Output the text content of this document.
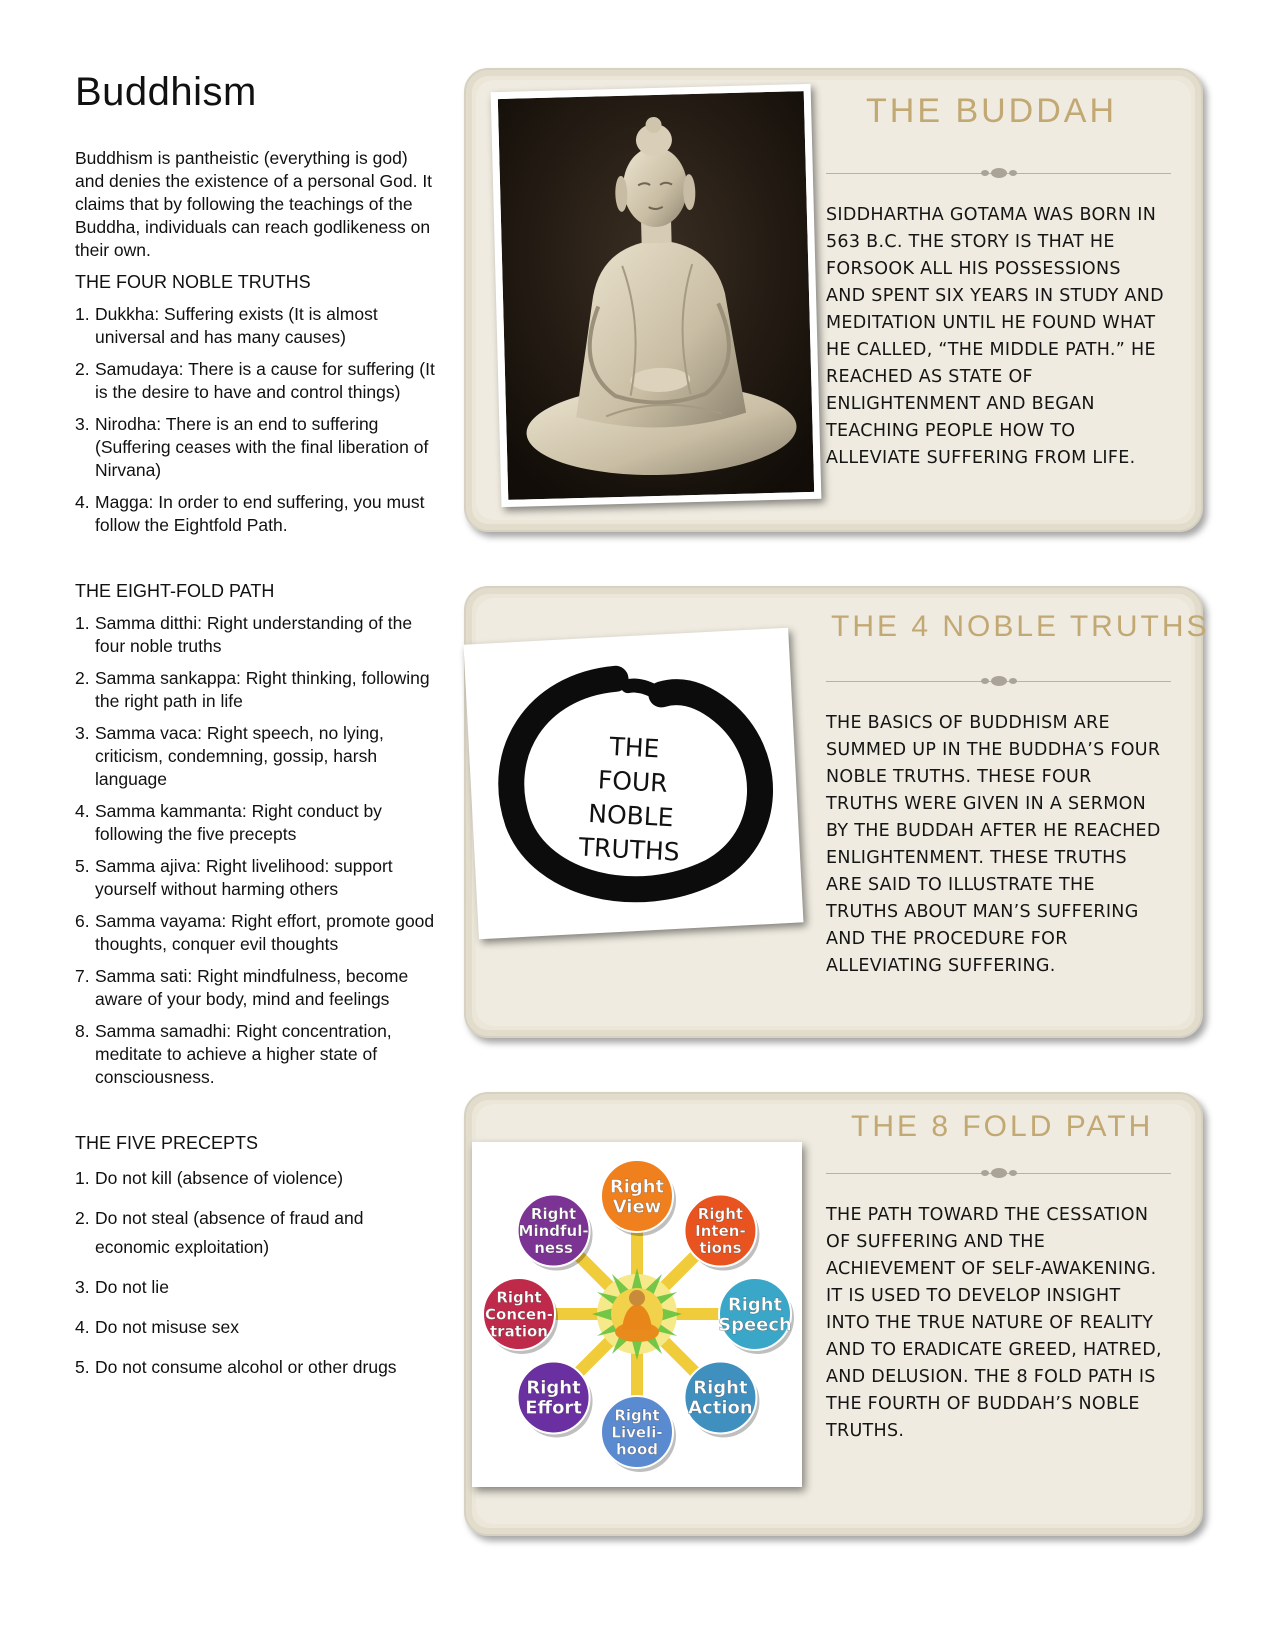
Buddhism

Buddhism is pantheistic (everything is god) and denies the existence of a personal God. It claims that by following the teachings of the Buddha, individuals can reach godlikeness on their own.

THE FOUR NOBLE TRUTHS
1. Dukkha: Suffering exists (It is almost universal and has many causes)
2. Samudaya: There is a cause for suffering (It is the desire to have and control things)
3. Nirodha: There is an end to suffering (Suffering ceases with the final liberation of Nirvana)
4. Magga: In order to end suffering, you must follow the Eightfold Path.
THE EIGHT-FOLD PATH
1. Samma ditthi: Right understanding of the four noble truths
2. Samma sankappa: Right thinking, following the right path in life
3. Samma vaca: Right speech, no lying, criticism, condemning, gossip, harsh language
4. Samma kammanta: Right conduct by following the five precepts
5. Samma ajiva: Right livelihood: support yourself without harming others
6. Samma vayama: Right effort, promote good thoughts, conquer evil thoughts
7. Samma sati: Right mindfulness, become aware of your body, mind and feelings
8. Samma samadhi: Right concentration, meditate to achieve a higher state of consciousness.
THE FIVE PRECEPTS
1. Do not kill (absence of violence)
2. Do not steal (absence of fraud and economic exploitation)
3. Do not lie
4. Do not misuse sex
5. Do not consume alcohol or other drugs
THE BUDDAH
SIDDHARTHA GOTAMA WAS BORN IN 563 B.C. THE STORY IS THAT HE FORSOOK ALL HIS POSSESSIONS AND SPENT SIX YEARS IN STUDY AND MEDITATION UNTIL HE FOUND WHAT HE CALLED, “THE MIDDLE PATH.” HE REACHED AS STATE OF ENLIGHTENMENT AND BEGAN TEACHING PEOPLE HOW TO ALLEVIATE SUFFERING FROM LIFE.
THE 4 NOBLE TRUTHS
THE BASICS OF BUDDHISM ARE SUMMED UP IN THE BUDDHA’S FOUR NOBLE TRUTHS. THESE FOUR TRUTHS WERE GIVEN IN A SERMON BY THE BUDDAH AFTER HE REACHED ENLIGHTENMENT. THESE TRUTHS ARE SAID TO ILLUSTRATE THE TRUTHS ABOUT MAN’S SUFFERING AND THE PROCEDURE FOR ALLEVIATING SUFFERING.
THE
FOUR
NOBLE
TRUTHS
THE 8 FOLD PATH
THE PATH TOWARD THE CESSATION OF SUFFERING AND THE ACHIEVEMENT OF SELF-AWAKENING. IT IS USED TO DEVELOP INSIGHT INTO THE TRUE NATURE OF REALITY AND TO ERADICATE GREED, HATRED, AND DELUSION. THE 8 FOLD PATH IS THE FOURTH OF BUDDAH’S NOBLE TRUTHS.
Right
View Right
Inten-
tions
Right
Speech
Right
Action
Right
Liveli-
hood
Right
Effort
Right
Concen-
tration
Right
Mindful-
ness
